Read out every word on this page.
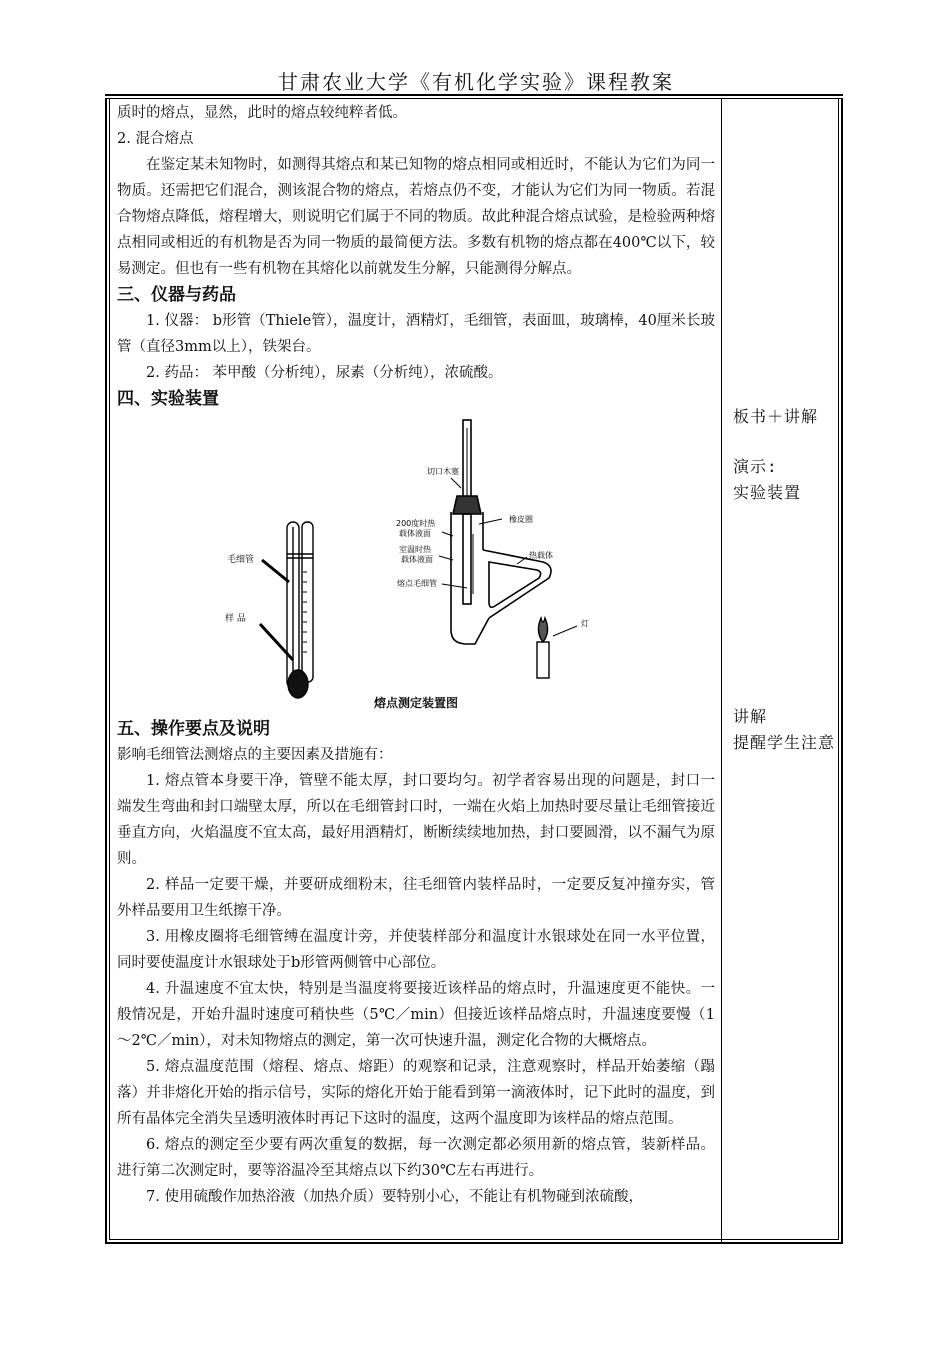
甘肃农业大学《有机化学实验》课程教案

质时的熔点，显然，此时的熔点较纯粹者低。

2. 混合熔点

在鉴定某未知物时，如测得其熔点和某已知物的熔点相同或相近时，不能认为它们为同一物质。还需把它们混合，测该混合物的熔点，若熔点仍不变，才能认为它们为同一物质。若混合物熔点降低，熔程增大，则说明它们属于不同的物质。故此种混合熔点试验，是检验两种熔点相同或相近的有机物是否为同一物质的最简便方法。多数有机物的熔点都在400℃以下，较易测定。但也有一些有机物在其熔化以前就发生分解，只能测得分解点。

三、仪器与药品

1. 仪器： b形管（Thiele管），温度计，酒精灯，毛细管，表面皿，玻璃棒，40厘米长玻管（直径3mm以上），铁架台。

2. 药品： 苯甲酸（分析纯），尿素（分析纯），浓硫酸。

四、实验装置

毛细管
样 品
切口木塞
200度时热
载体液面
橡皮圈
室温时热
载体液面	热载体
熔点毛细管
灯
熔点测定装置图

五、操作要点及说明

影响毛细管法测熔点的主要因素及措施有：

1. 熔点管本身要干净，管壁不能太厚，封口要均匀。初学者容易出现的问题是，封口一端发生弯曲和封口端壁太厚，所以在毛细管封口时，一端在火焰上加热时要尽量让毛细管接近垂直方向，火焰温度不宜太高，最好用酒精灯，断断续续地加热，封口要圆滑，以不漏气为原则。

2. 样品一定要干燥，并要研成细粉末，往毛细管内装样品时，一定要反复冲撞夯实，管外样品要用卫生纸擦干净。

3. 用橡皮圈将毛细管缚在温度计旁，并使装样部分和温度计水银球处在同一水平位置，同时要使温度计水银球处于b形管两侧管中心部位。

4. 升温速度不宜太快，特别是当温度将要接近该样品的熔点时，升温速度更不能快。一般情况是，开始升温时速度可稍快些（5℃／min）但接近该样品熔点时，升温速度要慢（1～2℃／min），对未知物熔点的测定，第一次可快速升温，测定化合物的大概熔点。

5. 熔点温度范围（熔程、熔点、熔距）的观察和记录，注意观察时，样品开始萎缩（蹋落）并非熔化开始的指示信号，实际的熔化开始于能看到第一滴液体时，记下此时的温度，到所有晶体完全消失呈透明液体时再记下这时的温度，这两个温度即为该样品的熔点范围。

6. 熔点的测定至少要有两次重复的数据，每一次测定都必须用新的熔点管，装新样品。进行第二次测定时，要等浴温冷至其熔点以下约30℃左右再进行。

7. 使用硫酸作加热浴液（加热介质）要特别小心，不能让有机物碰到浓硫酸，

板书＋讲解

演示:

实验装置

讲解

提醒学生注意
